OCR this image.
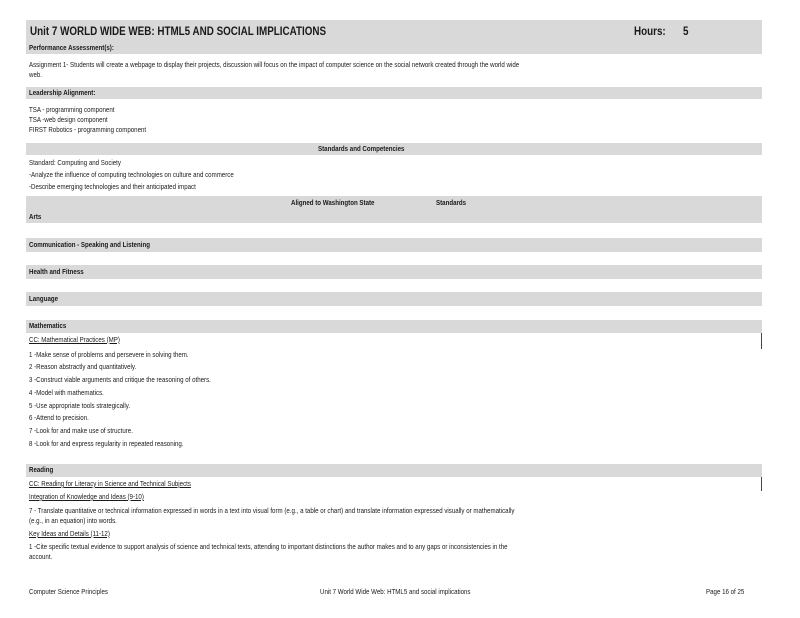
Unit 7 WORLD WIDE WEB: HTML5 AND SOCIAL IMPLICATIONS	Hours: 5
Performance Assessment(s):
Assignment 1- Students will create a webpage to display their projects, discussion will focus on the impact of computer science on the social network created through the world wide
web.
Leadership Alignment:
TSA - programming component
TSA -web design component
FIRST Robotics - programming component
Standards and Competencies
Standard: Computing and Society
-Analyze the influence of computing technologies on culture and commerce
-Describe emerging technologies and their anticipated impact
Aligned to Washington State	Standards
Arts
Communication - Speaking and Listening
Health and Fitness
Language
Mathematics
CC: Mathematical Practices (MP)
1 -Make sense of problems and persevere in solving them.
2 -Reason abstractly and quantitatively.
3 -Construct viable arguments and critique the reasoning of others.
4 -Model with mathematics.
5 -Use appropriate tools strategically.
6 -Attend to precision.
7 -Look for and make use of structure.
8 -Look for and express regularity in repeated reasoning.
Reading
CC: Reading for Literacy in Science and Technical Subjects
Integration of Knowledge and Ideas (9-10)
7 - Translate quantitative or technical information expressed in words in a text into visual form (e.g., a table or chart) and translate information expressed visually or mathematically
(e.g., in an equation) into words.
Key Ideas and Details (11-12)
1 -Cite specific textual evidence to support analysis of science and technical texts, attending to important distinctions the author makes and to any gaps or inconsistencies in the
account.
Computer Science Principles	Unit 7 World Wide Web: HTML5 and social implications	Page 16 of 25
